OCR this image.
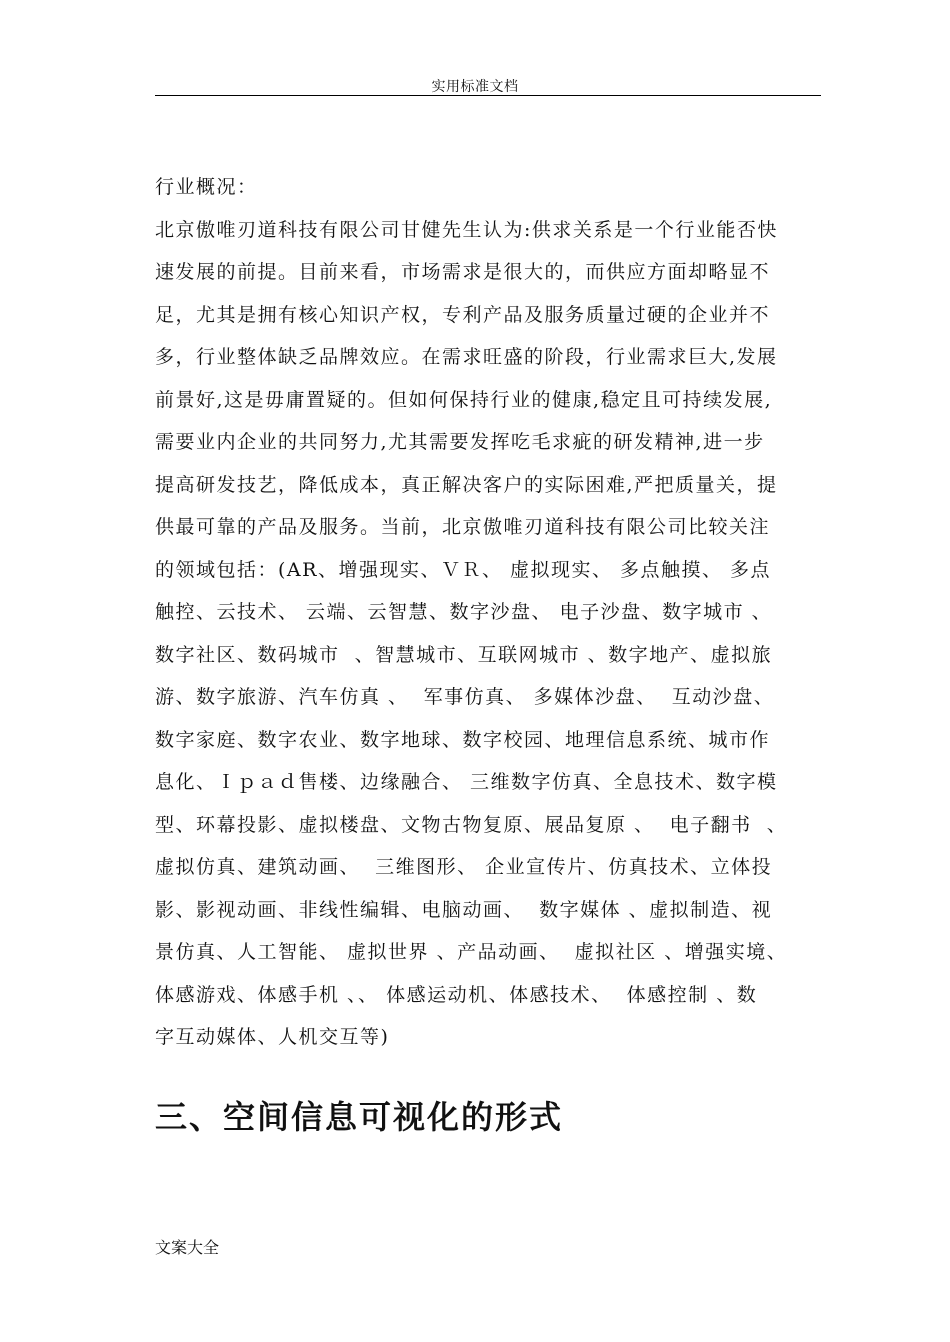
实用标准文档
行业概况：
北京傲唯刃道科技有限公司甘健先生认为:供求关系是一个行业能否快
速发展的前提。目前来看，市场需求是很大的，而供应方面却略显不
足，尤其是拥有核心知识产权，专利产品及服务质量过硬的企业并不
多，行业整体缺乏品牌效应。在需求旺盛的阶段，行业需求巨大,发展
前景好,这是毋庸置疑的。但如何保持行业的健康,稳定且可持续发展,
需要业内企业的共同努力,尤其需要发挥吃毛求疵的研发精神,进一步
提高研发技艺，降低成本，真正解决客户的实际困难,严把质量关，提
供最可靠的产品及服务。当前，北京傲唯刃道科技有限公司比较关注
的领域包括：(AR、增强现实、ＶＲ、 虚拟现实、 多点触摸、 多点
触控、云技术、 云端、云智慧、数字沙盘、 电子沙盘、数字城市 、
数字社区、数码城市  、智慧城市、互联网城市 、数字地产、虚拟旅
游、数字旅游、汽车仿真 、  军事仿真、 多媒体沙盘、  互动沙盘、
数字家庭、数字农业、数字地球、数字校园、地理信息系统、城市作
息化、Ｉｐａｄ售楼、边缘融合、 三维数字仿真、全息技术、数字模
型、环幕投影、虚拟楼盘、文物古物复原、展品复原 、  电子翻书  、
虚拟仿真、建筑动画、  三维图形、 企业宣传片、仿真技术、立体投
影、影视动画、非线性编辑、电脑动画、  数字媒体 、虚拟制造、视
景仿真、人工智能、 虚拟世界 、产品动画、  虚拟社区 、增强实境、
体感游戏、体感手机 、、 体感运动机、体感技术、  体感控制 、数
字互动媒体、人机交互等)
三、空间信息可视化的形式
文案大全
